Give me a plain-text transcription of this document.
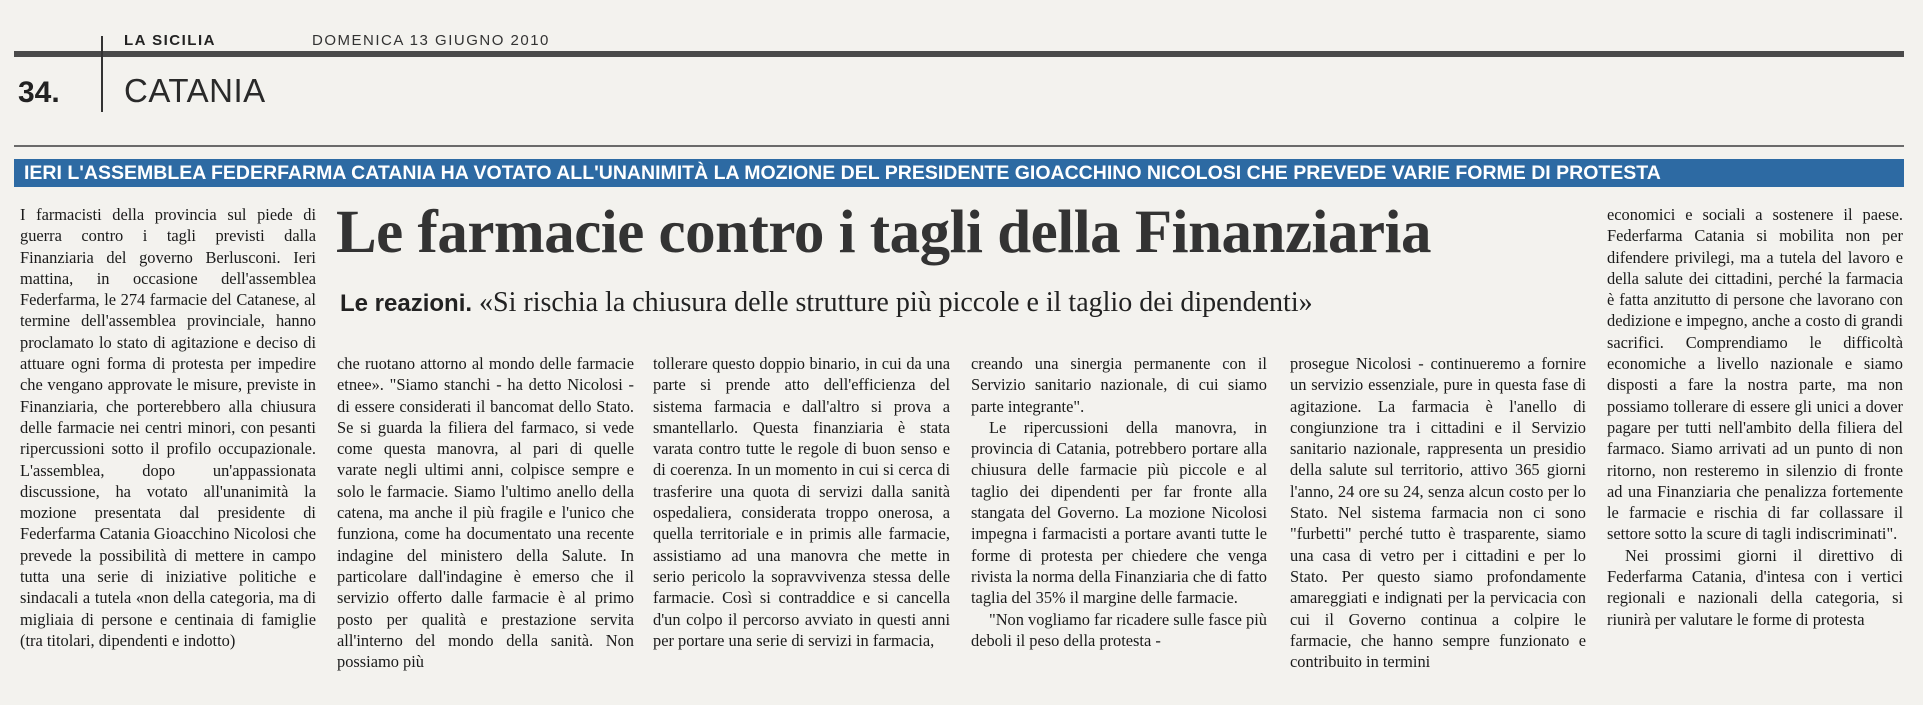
LA SICILIA	DOMENICA 13 GIUGNO 2010
34. CATANIA
IERI L'ASSEMBLEA FEDERFARMA CATANIA HA VOTATO ALL'UNANIMITÀ LA MOZIONE DEL PRESIDENTE GIOACCHINO NICOLOSI CHE PREVEDE VARIE FORME DI PROTESTA
Le farmacie contro i tagli della Finanziaria
Le reazioni. «Si rischia la chiusura delle strutture più piccole e il taglio dei dipendenti»

I farmacisti della provincia sul piede di guerra contro i tagli previsti dalla Finanziaria del governo Berlusconi. Ieri mattina, in occasione dell'assemblea Federfarma, le 274 farmacie del Catanese, al termine dell'assemblea provinciale, hanno proclamato lo stato di agitazione e deciso di attuare ogni forma di protesta per impedire che vengano approvate le misure, previste in Finanziaria, che porterebbero alla chiusura delle farmacie nei centri minori, con pesanti ripercussioni sotto il profilo occupazionale. L'assemblea, dopo un'appassionata discussione, ha votato all'unanimità la mozione presentata dal presidente di Federfarma Catania Gioacchino Nicolosi che prevede la possibilità di mettere in campo tutta una serie di iniziative politiche e sindacali a tutela «non della categoria, ma di migliaia di persone e centinaia di famiglie (tra titolari, dipendenti e indotto)

che ruotano attorno al mondo delle farmacie etnee». "Siamo stanchi - ha detto Nicolosi - di essere considerati il bancomat dello Stato. Se si guarda la filiera del farmaco, si vede come questa manovra, al pari di quelle varate negli ultimi anni, colpisce sempre e solo le farmacie. Siamo l'ultimo anello della catena, ma anche il più fragile e l'unico che funziona, come ha documentato una recente indagine del ministero della Salute. In particolare dall'indagine è emerso che il servizio offerto dalle farmacie è al primo posto per qualità e prestazione servita all'interno del mondo della sanità. Non possiamo più

tollerare questo doppio binario, in cui da una parte si prende atto dell'efficienza del sistema farmacia e dall'altro si prova a smantellarlo. Questa finanziaria è stata varata contro tutte le regole di buon senso e di coerenza. In un momento in cui si cerca di trasferire una quota di servizi dalla sanità ospedaliera, considerata troppo onerosa, a quella territoriale e in primis alle farmacie, assistiamo ad una manovra che mette in serio pericolo la sopravvivenza stessa delle farmacie. Così si contraddice e si cancella d'un colpo il percorso avviato in questi anni per portare una serie di servizi in farmacia,

creando una sinergia permanente con il Servizio sanitario nazionale, di cui siamo parte integrante".

Le ripercussioni della manovra, in provincia di Catania, potrebbero portare alla chiusura delle farmacie più piccole e al taglio dei dipendenti per far fronte alla stangata del Governo. La mozione Nicolosi impegna i farmacisti a portare avanti tutte le forme di protesta per chiedere che venga rivista la norma della Finanziaria che di fatto taglia del 35% il margine delle farmacie.

"Non vogliamo far ricadere sulle fasce più deboli il peso della protesta -

prosegue Nicolosi - continueremo a fornire un servizio essenziale, pure in questa fase di agitazione. La farmacia è l'anello di congiunzione tra i cittadini e il Servizio sanitario nazionale, rappresenta un presidio della salute sul territorio, attivo 365 giorni l'anno, 24 ore su 24, senza alcun costo per lo Stato. Nel sistema farmacia non ci sono "furbetti" perché tutto è trasparente, siamo una casa di vetro per i cittadini e per lo Stato. Per questo siamo profondamente amareggiati e indignati per la pervicacia con cui il Governo continua a colpire le farmacie, che hanno sempre funzionato e contribuito in termini

economici e sociali a sostenere il paese. Federfarma Catania si mobilita non per difendere privilegi, ma a tutela del lavoro e della salute dei cittadini, perché la farmacia è fatta anzitutto di persone che lavorano con dedizione e impegno, anche a costo di grandi sacrifici. Comprendiamo le difficoltà economiche a livello nazionale e siamo disposti a fare la nostra parte, ma non possiamo tollerare di essere gli unici a dover pagare per tutti nell'ambito della filiera del farmaco. Siamo arrivati ad un punto di non ritorno, non resteremo in silenzio di fronte ad una Finanziaria che penalizza fortemente le farmacie e rischia di far collassare il settore sotto la scure di tagli indiscriminati".

Nei prossimi giorni il direttivo di Federfarma Catania, d'intesa con i vertici regionali e nazionali della categoria, si riunirà per valutare le forme di protesta
